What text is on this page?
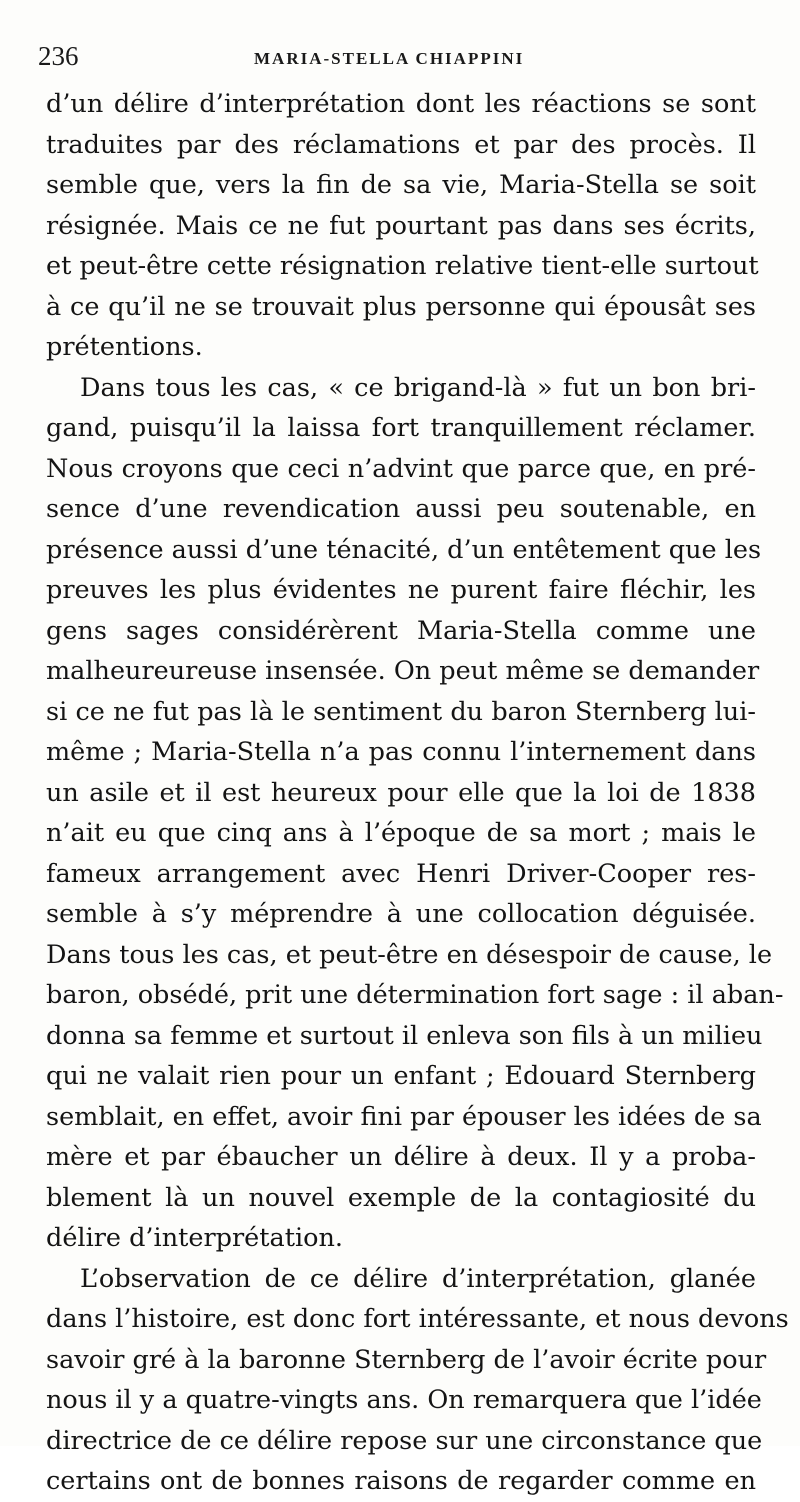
236	MARIA-STELLA CHIAPPINI
d’un délire d’interprétation dont les réactions se sont
traduites par des réclamations et par des procès. Il
semble que, vers la fin de sa vie, Maria-Stella se soit
résignée. Mais ce ne fut pourtant pas dans ses écrits,
et peut-être cette résignation relative tient-elle surtout
à ce qu’il ne se trouvait plus personne qui épousât ses
prétentions.
Dans tous les cas, « ce brigand-là » fut un bon bri-
gand, puisqu’il la laissa fort tranquillement réclamer.
Nous croyons que ceci n’advint que parce que, en pré-
sence d’une revendication aussi peu soutenable, en
présence aussi d’une ténacité, d’un entêtement que les
preuves les plus évidentes ne purent faire fléchir, les
gens sages considérèrent Maria-Stella comme une
malheureureuse insensée. On peut même se demander
si ce ne fut pas là le sentiment du baron Sternberg lui-
même ; Maria-Stella n’a pas connu l’internement dans
un asile et il est heureux pour elle que la loi de 1838
n’ait eu que cinq ans à l’époque de sa mort ; mais le
fameux arrangement avec Henri Driver-Cooper res-
semble à s’y méprendre à une collocation déguisée.
Dans tous les cas, et peut-être en désespoir de cause, le
baron, obsédé, prit une détermination fort sage : il aban-
donna sa femme et surtout il enleva son fils à un milieu
qui ne valait rien pour un enfant ; Edouard Sternberg
semblait, en effet, avoir fini par épouser les idées de sa
mère et par ébaucher un délire à deux. Il y a proba-
blement là un nouvel exemple de la contagiosité du
délire d’interprétation.
L’observation de ce délire d’interprétation, glanée
dans l’histoire, est donc fort intéressante, et nous devons
savoir gré à la baronne Sternberg de l’avoir écrite pour
nous il y a quatre-vingts ans. On remarquera que l’idée
directrice de ce délire repose sur une circonstance que
certains ont de bonnes raisons de regarder comme en
